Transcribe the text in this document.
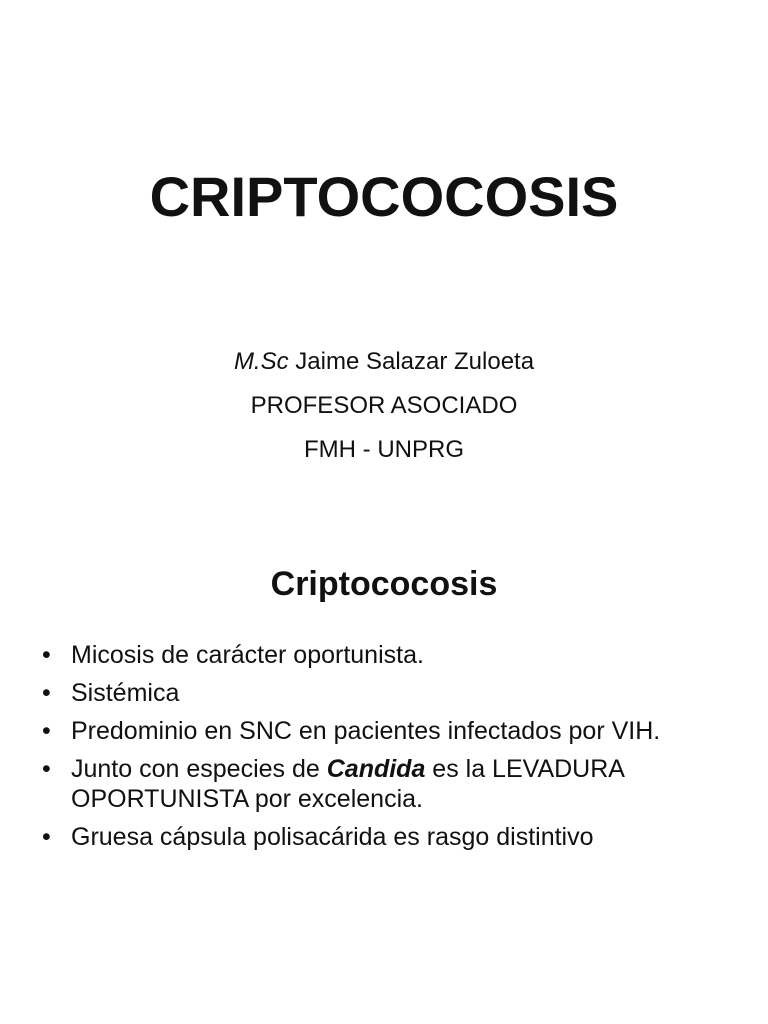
CRIPTOCOCOSIS
M.Sc Jaime Salazar Zuloeta
PROFESOR ASOCIADO
FMH - UNPRG
Criptococosis
• Micosis de carácter oportunista.
• Sistémica
• Predominio en SNC en pacientes infectados por VIH.
• Junto con especies de Candida es la LEVADURA OPORTUNISTA por excelencia.
• Gruesa cápsula polisacárida es rasgo distintivo
